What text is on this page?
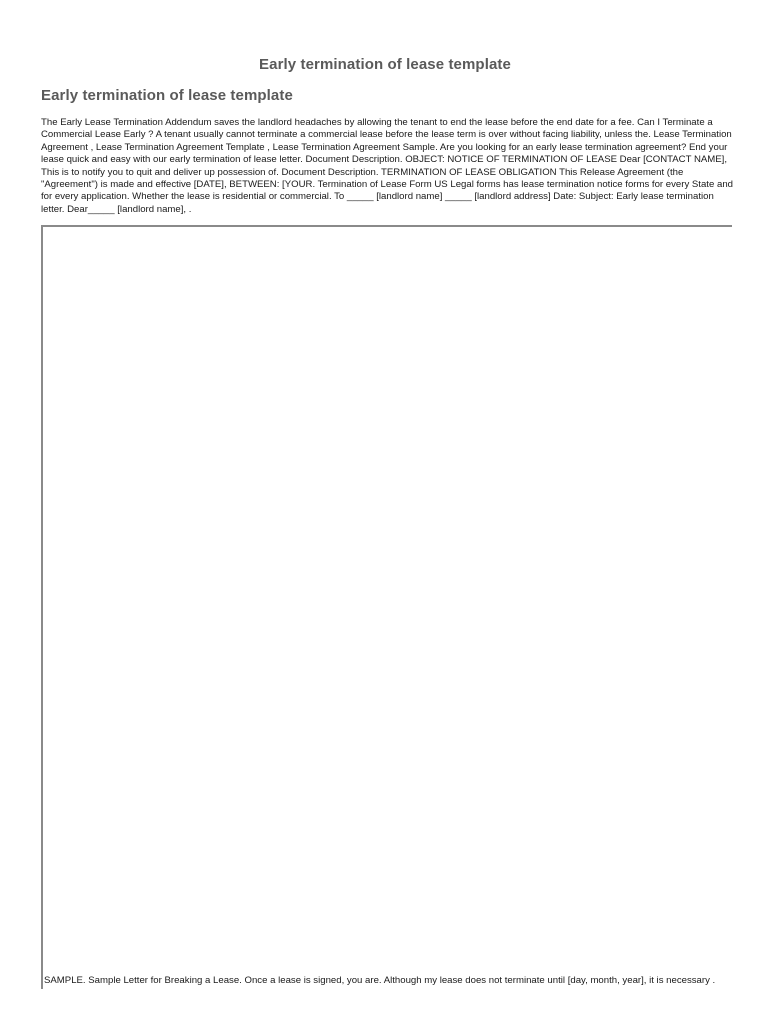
Early termination of lease template
Early termination of lease template

The Early Lease Termination Addendum saves the landlord headaches by allowing the tenant to end the lease before the end date for a fee. Can I Terminate a Commercial Lease Early ? A tenant usually cannot terminate a commercial lease before the lease term is over without facing liability, unless the. Lease Termination Agreement , Lease Termination Agreement Template , Lease Termination Agreement Sample. Are you looking for an early lease termination agreement? End your lease quick and easy with our early termination of lease letter. Document Description. OBJECT: NOTICE OF TERMINATION OF LEASE Dear [CONTACT NAME], This is to notify you to quit and deliver up possession of. Document Description. TERMINATION OF LEASE OBLIGATION This Release Agreement (the "Agreement") is made and effective [DATE], BETWEEN: [YOUR. Termination of Lease Form US Legal forms has lease termination notice forms for every State and for every application. Whether the lease is residential or commercial. To _____ [landlord name] _____ [landlord address] Date: Subject: Early lease termination letter. Dear_____ [landlord name], .

SAMPLE. Sample Letter for Breaking a Lease. Once a lease is signed, you are. Although my lease does not terminate until [day, month, year], it is necessary .
